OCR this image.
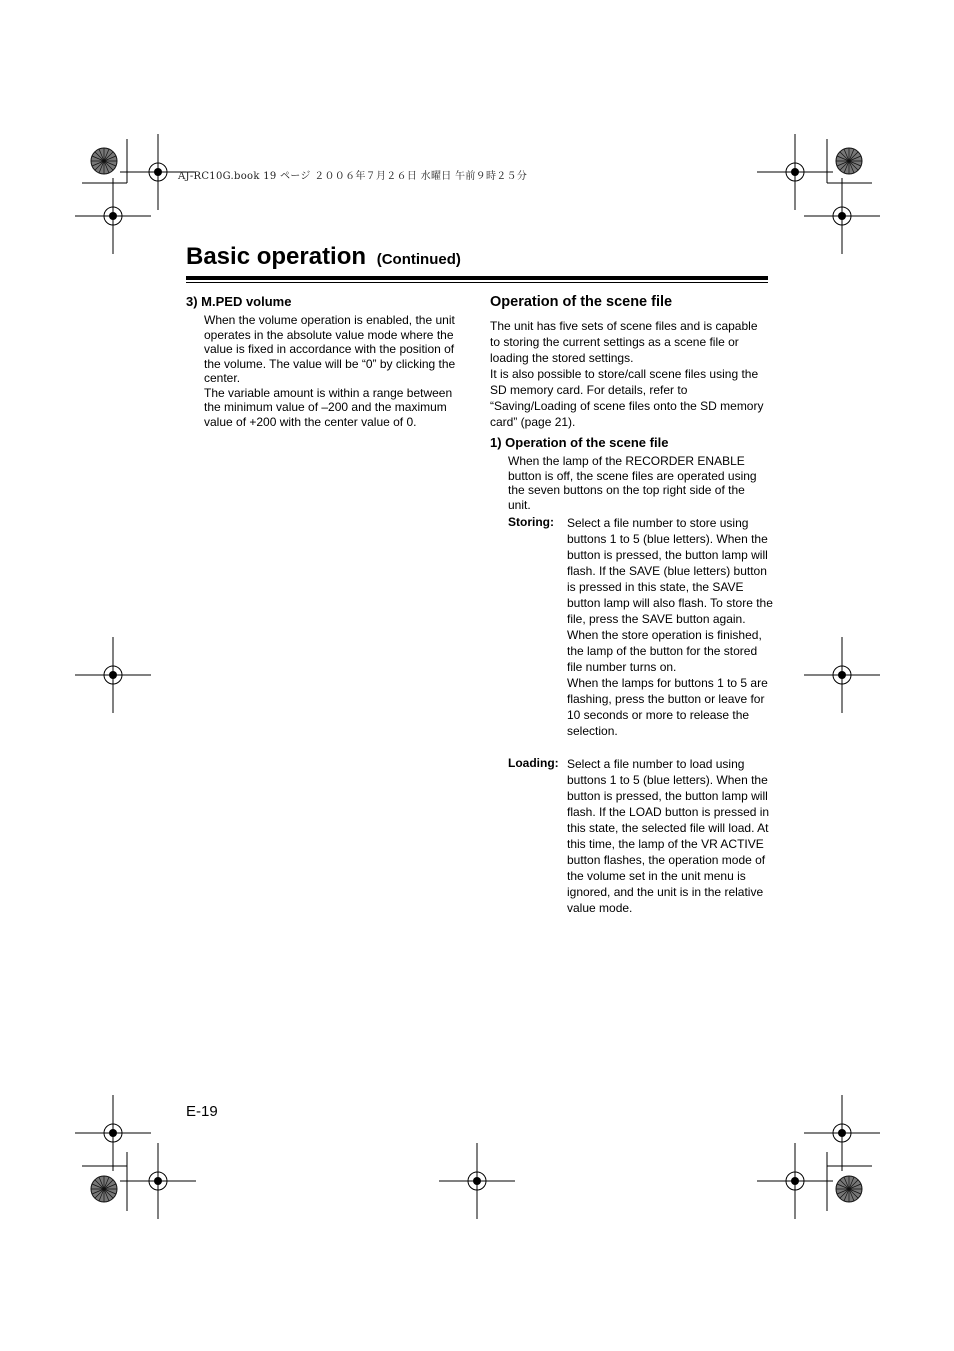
AJ-RC10G.book 19 ページ ２００６年７月２６日 水曜日 午前９時２５分
Basic operation (Continued)
3) M.PED volume
When the volume operation is enabled, the unit operates in the absolute value mode where the value is fixed in accordance with the position of the volume. The value will be “0” by clicking the center.
The variable amount is within a range between the minimum value of –200 and the maximum value of +200 with the center value of 0.
Operation of the scene file
The unit has five sets of scene files and is capable to storing the current settings as a scene file or loading the stored settings.
It is also possible to store/call scene files using the SD memory card. For details, refer to “Saving/Loading of scene files onto the SD memory card” (page 21).
1) Operation of the scene file
When the lamp of the RECORDER ENABLE button is off, the scene files are operated using the seven buttons on the top right side of the unit.
Storing: Select a file number to store using buttons 1 to 5 (blue letters). When the button is pressed, the button lamp will flash. If the SAVE (blue letters) button is pressed in this state, the SAVE button lamp will also flash. To store the file, press the SAVE button again. When the store operation is finished, the lamp of the button for the stored file number turns on.
When the lamps for buttons 1 to 5 are flashing, press the button or leave for 10 seconds or more to release the selection.
Loading: Select a file number to load using buttons 1 to 5 (blue letters). When the button is pressed, the button lamp will flash. If the LOAD button is pressed in this state, the selected file will load. At this time, the lamp of the VR ACTIVE button flashes, the operation mode of the volume set in the unit menu is ignored, and the unit is in the relative value mode.
E-19
